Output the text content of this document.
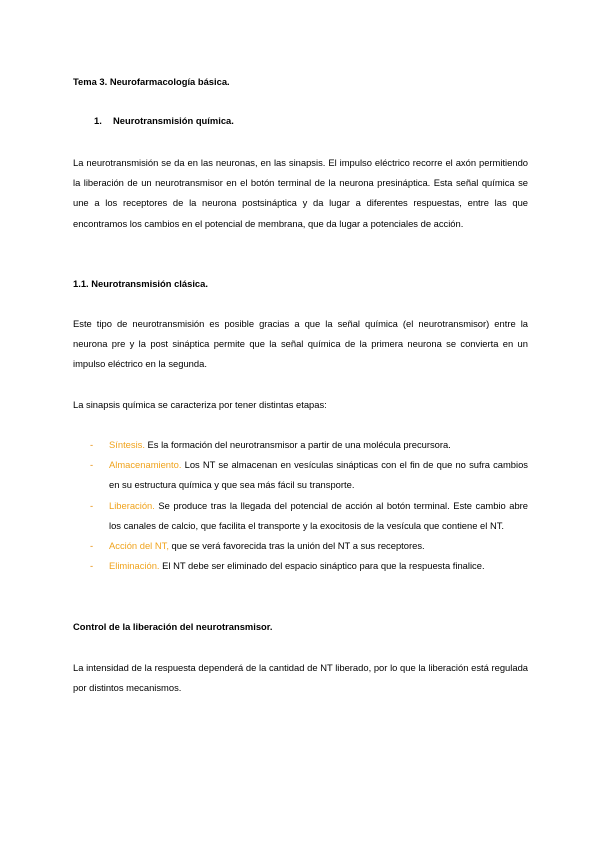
Tema 3. Neurofarmacología básica.
1. Neurotransmisión química.
La neurotransmisión se da en las neuronas, en las sinapsis. El impulso eléctrico recorre el axón permitiendo la liberación de un neurotransmisor en el botón terminal de la neurona presináptica. Esta señal química se une a los receptores de la neurona postsináptica y da lugar a diferentes respuestas, entre las que encontramos los cambios en el potencial de membrana, que da lugar a potenciales de acción.
1.1. Neurotransmisión clásica.
Este tipo de neurotransmisión es posible gracias a que la señal química (el neurotransmisor) entre la neurona pre y la post sináptica permite que la señal química de la primera neurona se convierta en un impulso eléctrico en la segunda.
La sinapsis química se caracteriza por tener distintas etapas:
- Síntesis. Es la formación del neurotransmisor a partir de una molécula precursora.
- Almacenamiento. Los NT se almacenan en vesículas sinápticas con el fin de que no sufra cambios en su estructura química y que sea más fácil su transporte.
- Liberación. Se produce tras la llegada del potencial de acción al botón terminal. Este cambio abre los canales de calcio, que facilita el transporte y la exocitosis de la vesícula que contiene el NT.
- Acción del NT, que se verá favorecida tras la unión del NT a sus receptores.
- Eliminación. El NT debe ser eliminado del espacio sináptico para que la respuesta finalice.
Control de la liberación del neurotransmisor.
La intensidad de la respuesta dependerá de la cantidad de NT liberado, por lo que la liberación está regulada por distintos mecanismos.
